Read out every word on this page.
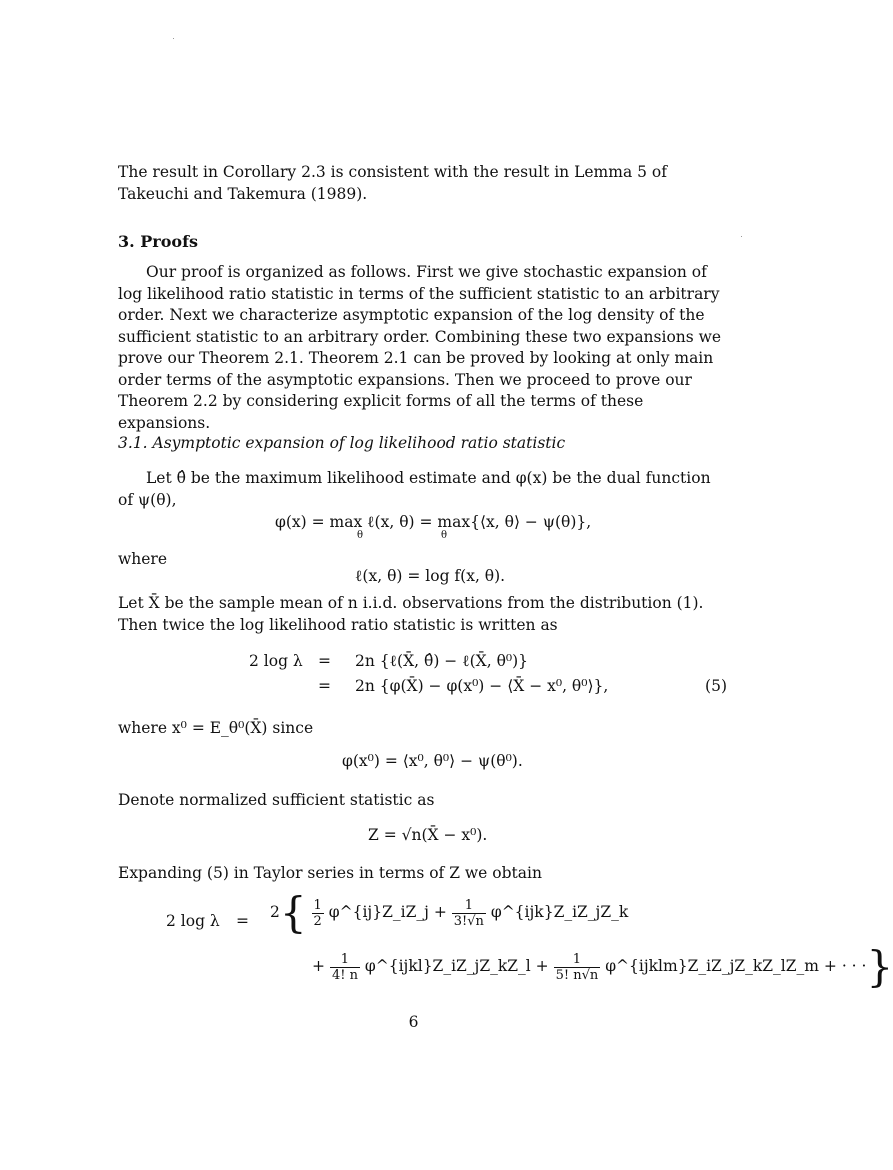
The result in Corollary 2.3 is consistent with the result in Lemma 5 of Takeuchi and Takemura (1989).
3. Proofs
Our proof is organized as follows. First we give stochastic expansion of log likelihood ratio statistic in terms of the sufficient statistic to an arbitrary order. Next we characterize asymptotic expansion of the log density of the sufficient statistic to an arbitrary order. Combining these two expansions we prove our Theorem 2.1. Theorem 2.1 can be proved by looking at only main order terms of the asymptotic expansions. Then we proceed to prove our Theorem 2.2 by considering explicit forms of all the terms of these expansions.
3.1. Asymptotic expansion of log likelihood ratio statistic
Let θ̂ be the maximum likelihood estimate and φ(x) be the dual function of ψ(θ),
φ(x) = max ℓ(x, θ) = max{⟨x, θ⟩ − ψ(θ)},
θ	θ
where
ℓ(x, θ) = log f(x, θ).
Let X̄ be the sample mean of n i.i.d. observations from the distribution (1). Then twice the log likelihood ratio statistic is written as
2 log λ = 2n {ℓ(X̄, θ̂) − ℓ(X̄, θ⁰)}
= 2n {φ(X̄) − φ(x⁰) − ⟨X̄ − x⁰, θ⁰⟩},	(5)
where x⁰ = E_θ⁰(X̄) since
φ(x⁰) = ⟨x⁰, θ⁰⟩ − ψ(θ⁰).
Denote normalized sufficient statistic as
Z = √n(X̄ − x⁰).
Expanding (5) in Taylor series in terms of Z we obtain
2 $\log \lambda = 2\{ \frac{1}{2}$ φ^{ij}Z_iZ_j + $\frac{1}{3!√n}$ φ^{ijk}Z_iZ_jZ_k
+ $\frac{1}{4! n}$ φ^{ijkl}Z_iZ_jZ_kZ_l + $\frac{1}{5! n√n}$ φ^{ijklm}Z_iZ_jZ_kZ_lZ_m + · · ·}
6
